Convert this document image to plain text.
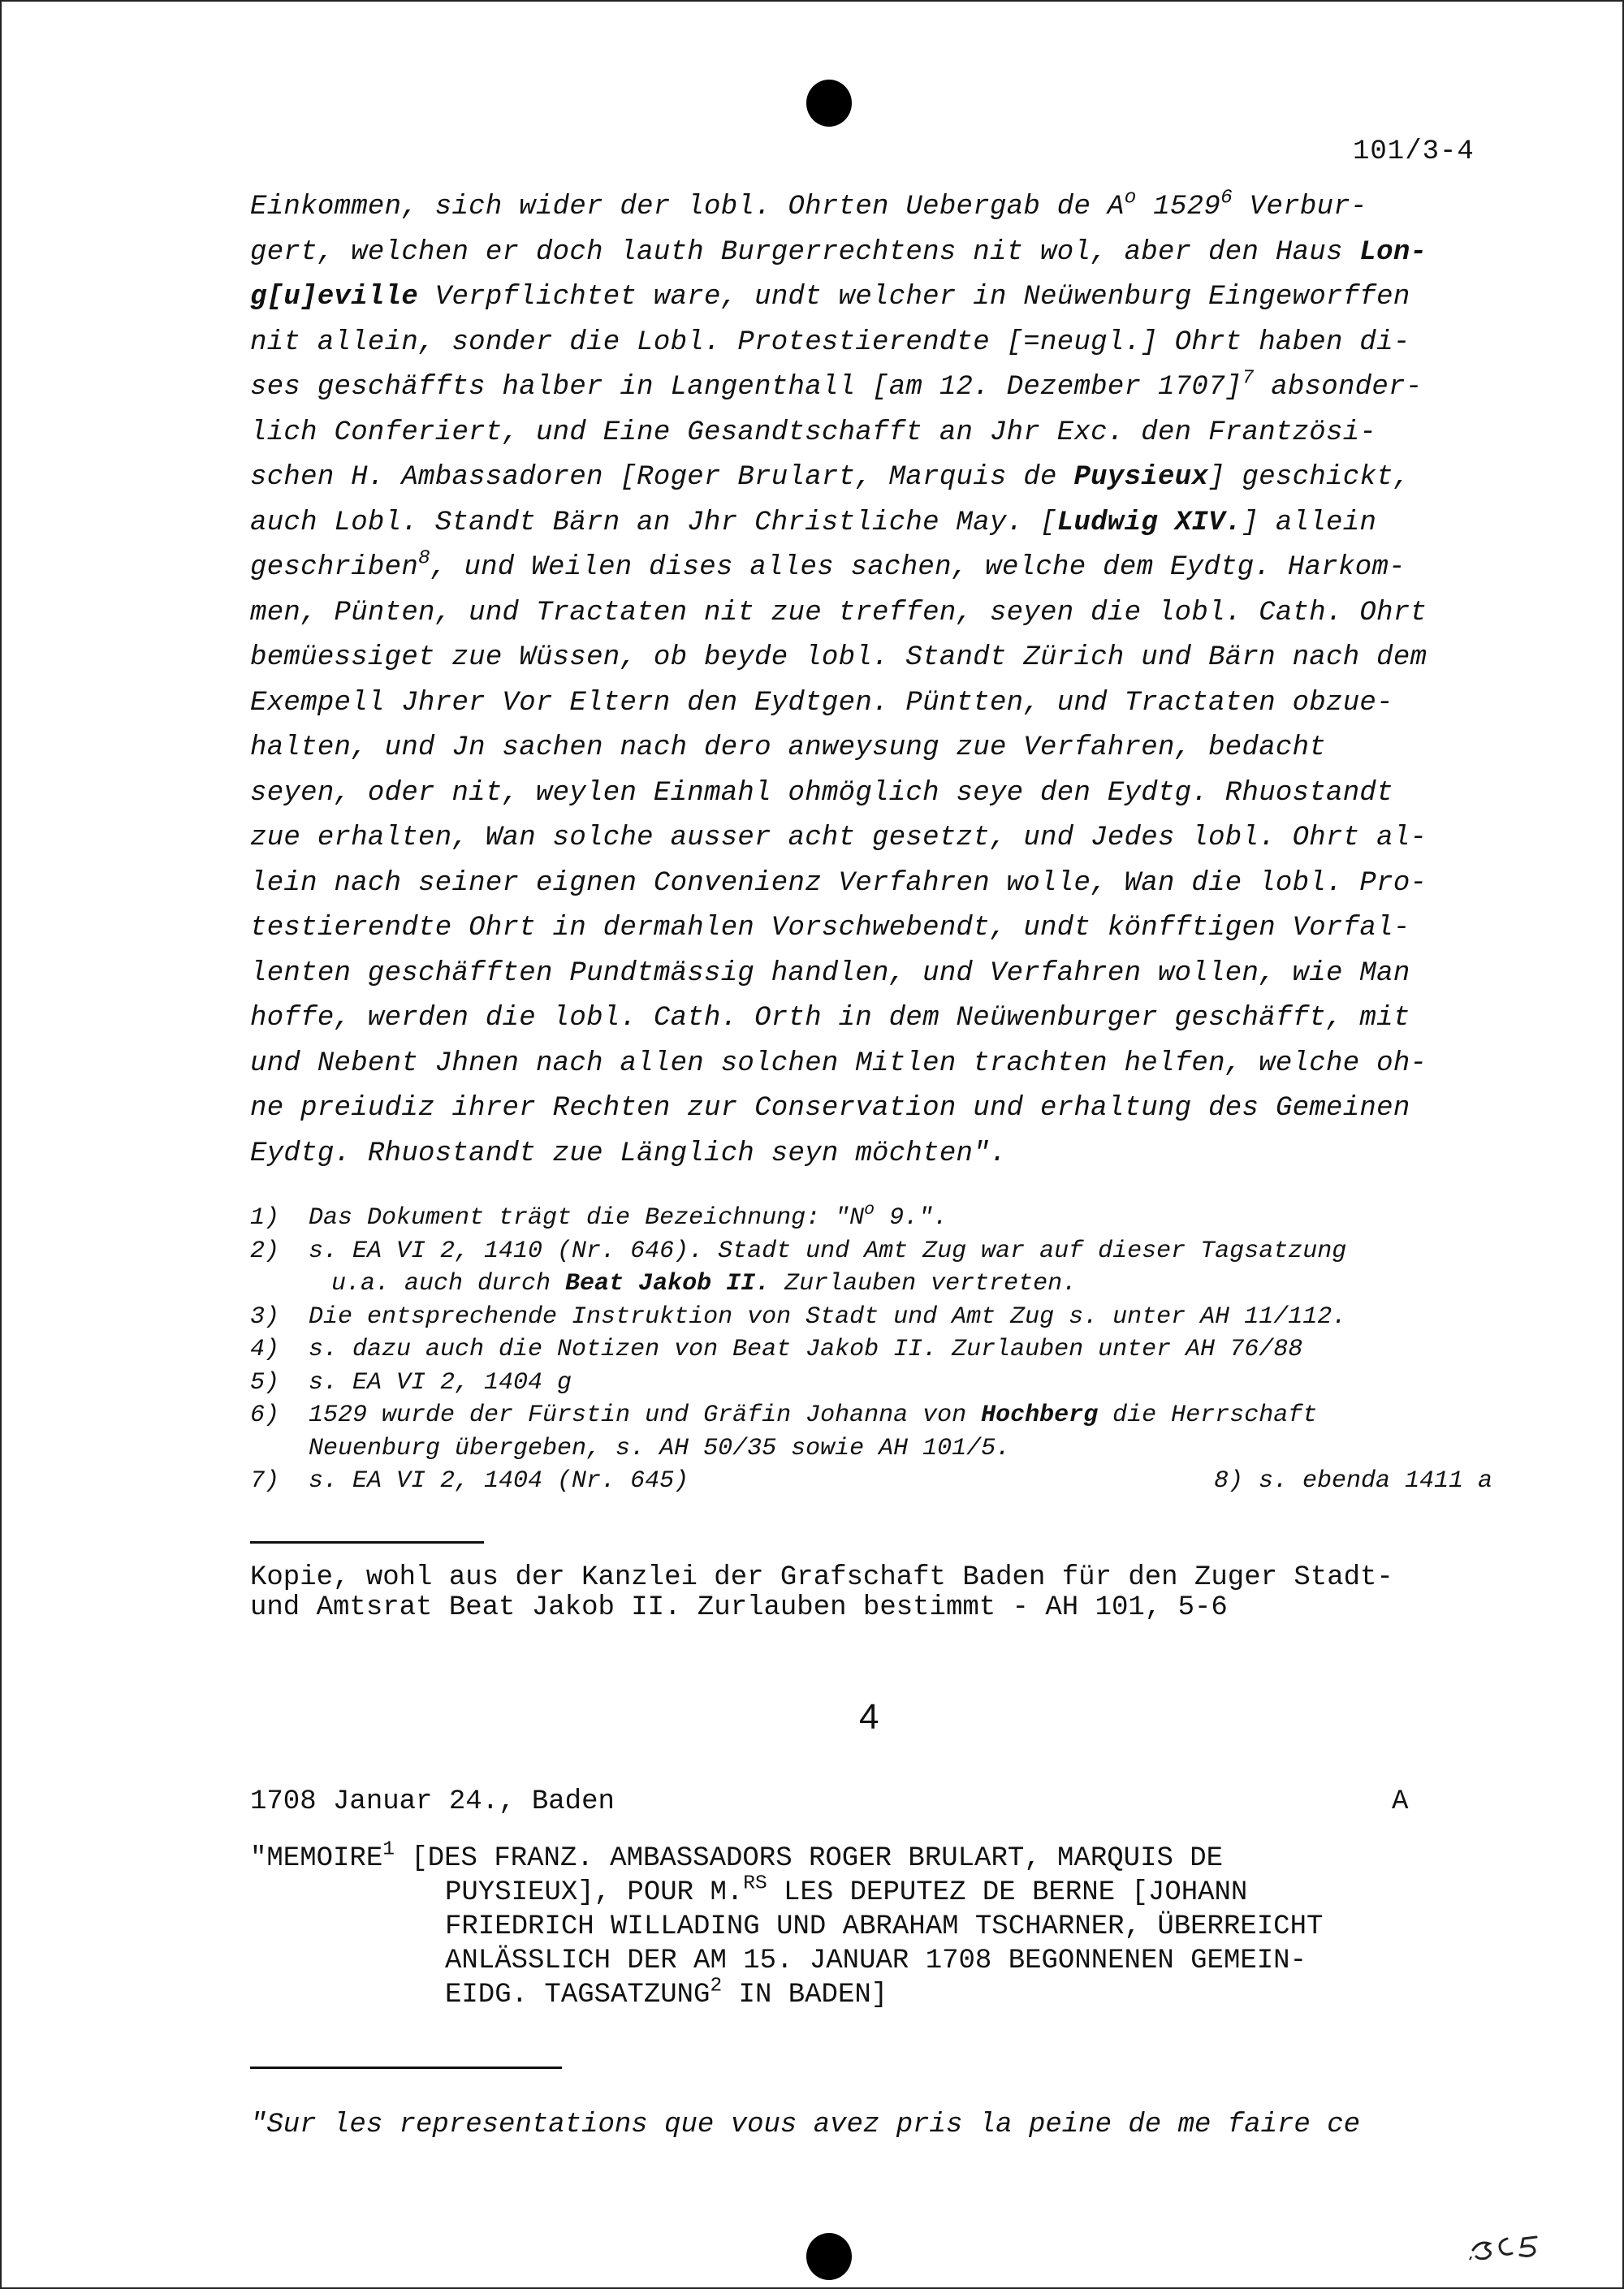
101/3-4
Einkommen, sich wider der lobl. Ohrten Uebergab de $A^o$ 1529$^6$ Verbur-
gert, welchen er doch lauth Burgerrechtens nit wol, aber den Haus Lon-
g[u]eville Verpflichtet ware, undt welcher in Neüwenburg Eingeworffen
nit allein, sonder die Lobl. Protestierendte [=neugl.] Ohrt haben di-
ses geschäffts halber in Langenthall [am 12. Dezember 1707]$^7$ absonder-
lich Conferiert, und Eine Gesandtschafft an Jhr Exc. den Frantzösi-
schen H. Ambassadoren [Roger Brulart, Marquis de Puysieux] geschickt,
auch Lobl. Standt Bärn an Jhr Christliche May. [Ludwig XIV.] allein
geschriben$^8$, und Weilen dises alles sachen, welche dem Eydtg. Harkom-
men, Pünten, und Tractaten nit zue treffen, seyen die lobl. Cath. Ohrt
bemüessiget zue Wüssen, ob beyde lobl. Standt Zürich und Bärn nach dem
Exempell Jhrer Vor Eltern den Eydtgen. Püntten, und Tractaten obzue-
halten, und Jn sachen nach dero anweysung zue Verfahren, bedacht
seyen, oder nit, weylen Einmahl ohmöglich seye den Eydtg. Rhuostandt
zue erhalten, Wan solche ausser acht gesetzt, und Jedes lobl. Ohrt al-
lein nach seiner eignen Convenienz Verfahren wolle, Wan die lobl. Pro-
testierendte Ohrt in dermahlen Vorschwebendt, undt könfftigen Vorfal-
lenten geschäfften Pundtmässig handlen, und Verfahren wollen, wie Man
hoffe, werden die lobl. Cath. Orth in dem Neüwenburger geschäfft, mit
und Nebent Jhnen nach allen solchen Mitlen trachten helfen, welche oh-
ne preiudiz ihrer Rechten zur Conservation und erhaltung des Gemeinen
Eydtg. Rhuostandt zue Länglich seyn möchten".
1)	Das Dokument trägt die Bezeichnung: "$N^o$ 9.".
2)	s. EA VI 2, 1410 (Nr. 646). Stadt und Amt Zug war auf dieser Tagsatzung
u.a. auch durch Beat Jakob II. Zurlauben vertreten.
3)	Die entsprechende Instruktion von Stadt und Amt Zug s. unter AH 11/112.
4)	s. dazu auch die Notizen von Beat Jakob II. Zurlauben unter AH 76/88
5)	s. EA VI 2, 1404 g
6)	1529 wurde der Fürstin und Gräfin Johanna von Hochberg die Herrschaft
Neuenburg übergeben, s. AH 50/35 sowie AH 101/5.
7)	s. EA VI 2, 1404 (Nr. 645)	8) s. ebenda 1411 a
Kopie, wohl aus der Kanzlei der Grafschaft Baden für den Zuger Stadt-
und Amtsrat Beat Jakob II. Zurlauben bestimmt - AH 101, 5-6
4
1708 Januar 24., Baden	A
"MEMOIRE$^1$ [DES FRANZ. AMBASSADORS ROGER BRULART, MARQUIS DE
PUYSIEUX], POUR M.$^{RS}$ LES DEPUTEZ DE BERNE [JOHANN
FRIEDRICH WILLADING UND ABRAHAM TSCHARNER, ÜBERREICHT
ANLÄSSLICH DER AM 15. JANUAR 1708 BEGONNENEN GEMEIN-
EIDG. TAGSATZUNG$^2$ IN BADEN]
"Sur les representations que vous avez pris la peine de me faire ce
